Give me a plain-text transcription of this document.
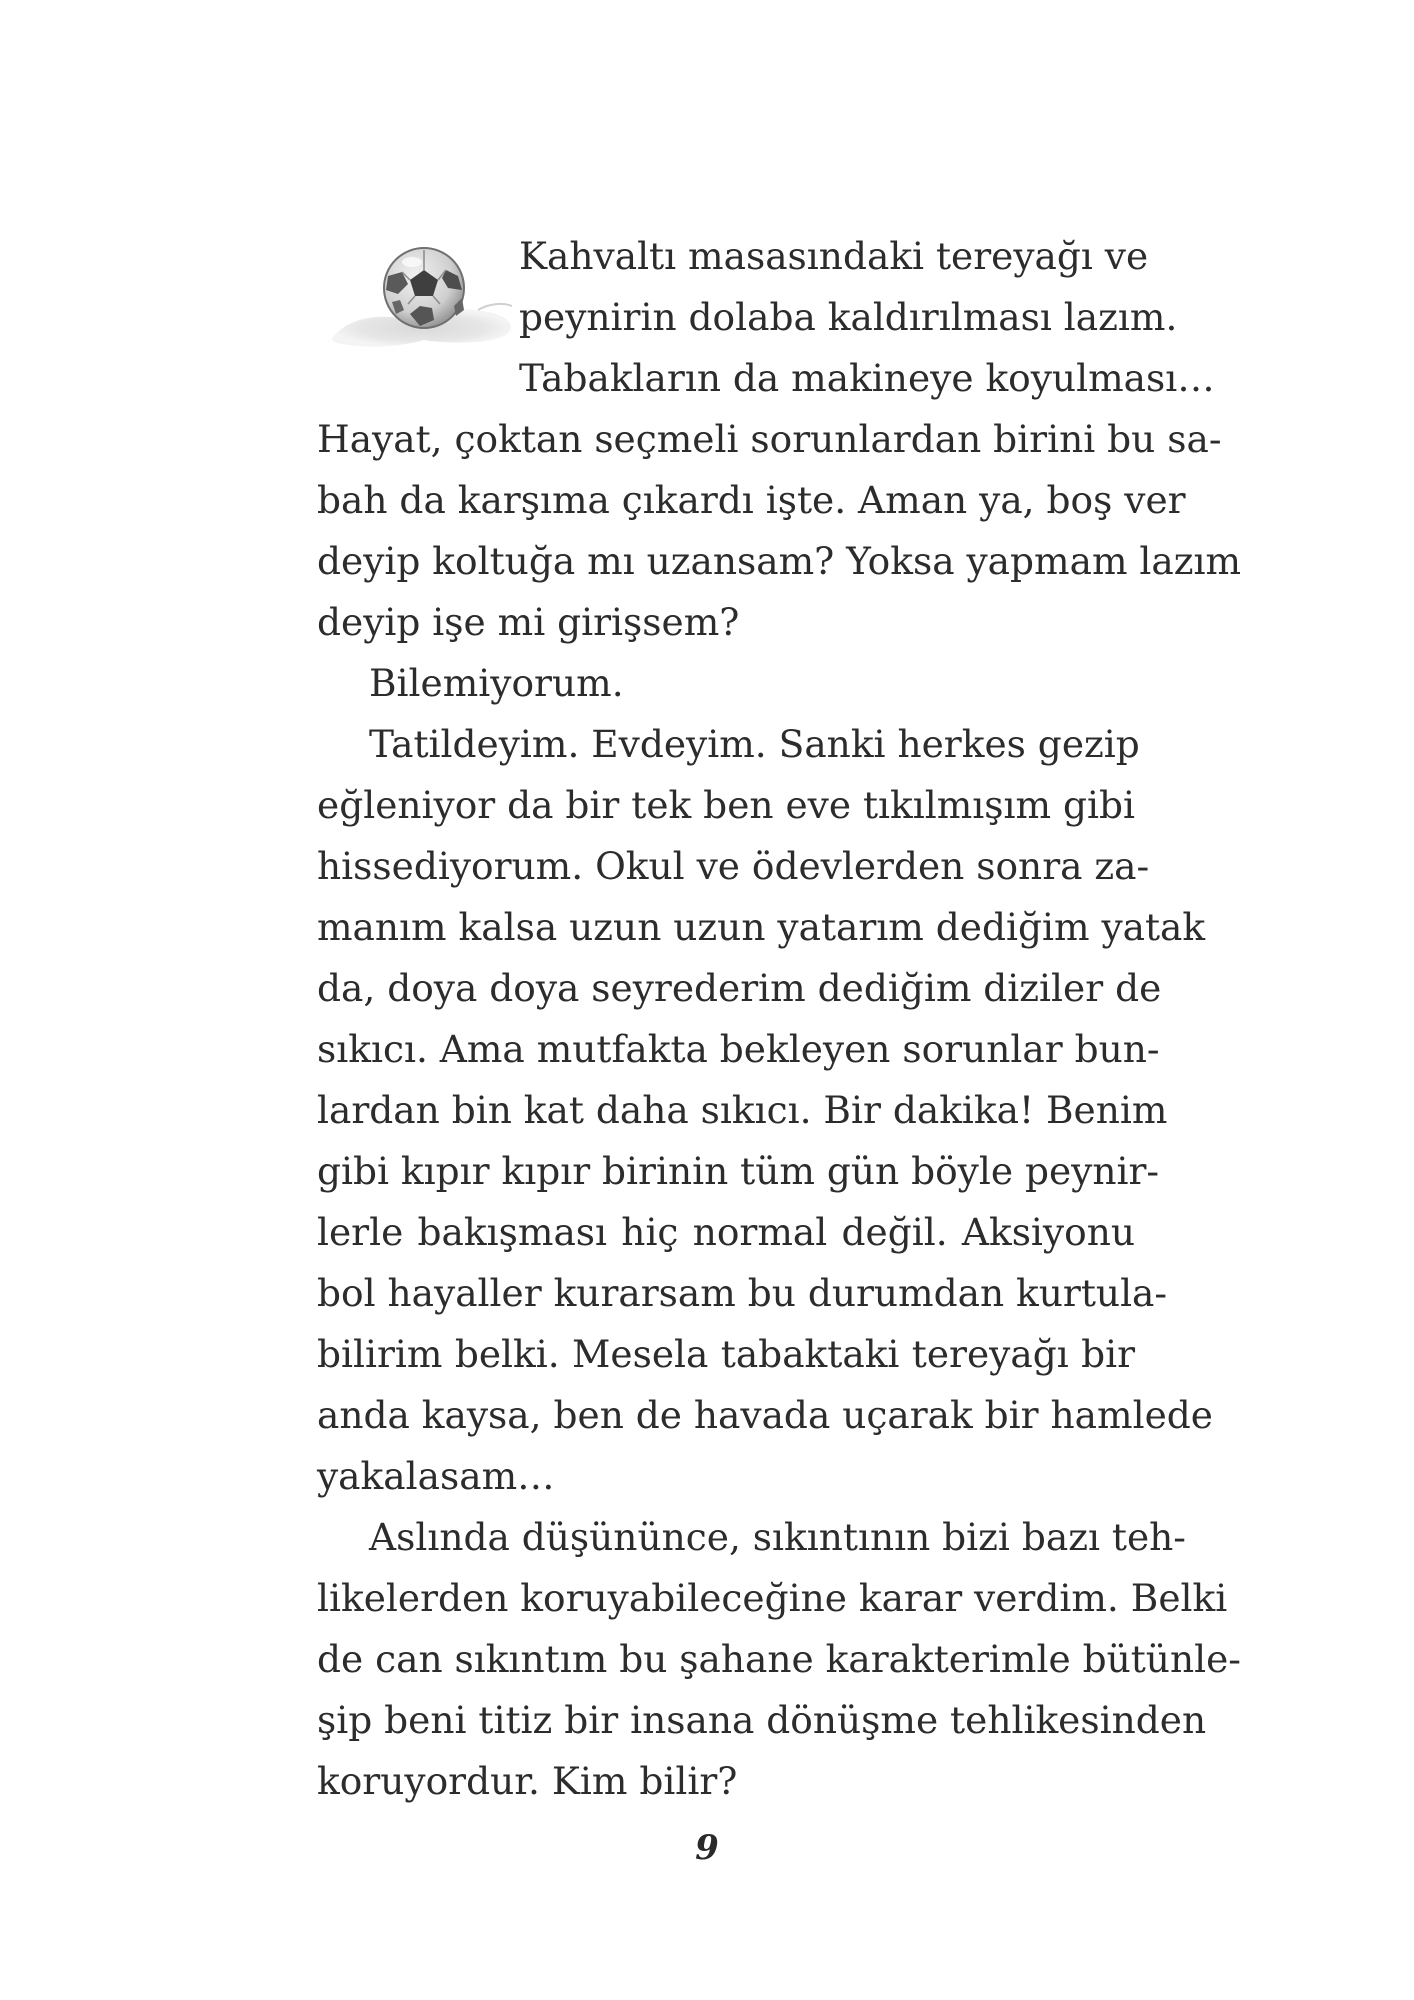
Kahvaltı masasındaki tereyağı ve
peynirin dolaba kaldırılması lazım.
Tabakların da makineye koyulması…
Hayat, çoktan seçmeli sorunlardan birini bu sa-
bah da karşıma çıkardı işte. Aman ya, boş ver
deyip koltuğa mı uzansam? Yoksa yapmam lazım
deyip işe mi girişsem?
Bilemiyorum.
Tatildeyim. Evdeyim. Sanki herkes gezip
eğleniyor da bir tek ben eve tıkılmışım gibi
hissediyorum. Okul ve ödevlerden sonra za-
manım kalsa uzun uzun yatarım dediğim yatak
da, doya doya seyrederim dediğim diziler de
sıkıcı. Ama mutfakta bekleyen sorunlar bun-
lardan bin kat daha sıkıcı. Bir dakika! Benim
gibi kıpır kıpır birinin tüm gün böyle peynir-
lerle bakışması hiç normal değil. Aksiyonu
bol hayaller kurarsam bu durumdan kurtula-
bilirim belki. Mesela tabaktaki tereyağı bir
anda kaysa, ben de havada uçarak bir hamlede
yakalasam…
Aslında düşününce, sıkıntının bizi bazı teh-
likelerden koruyabileceğine karar verdim. Belki
de can sıkıntım bu şahane karakterimle bütünle-
şip beni titiz bir insana dönüşme tehlikesinden
koruyordur. Kim bilir?
9
